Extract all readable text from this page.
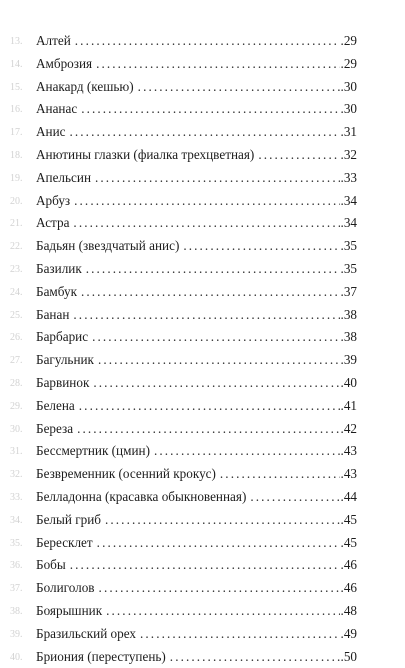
13.	Алтей . . .	.29
14.	Амброзия . . .	.29
15.	Анакард (кешью) . . .	.30
16.	Ананас . . .	.30
17.	Анис . . .	.31
18.	Анютины глазки (фиалка трехцветная) . . .	.32
19.	Апельсин . . .	.33
20.	Арбуз . . .	.34
21.	Астра . . .	.34
22.	Бадьян (звездчатый анис) . . .	.35
23.	Базилик . . .	.35
24.	Бамбук . . .	.37
25.	Банан . . .	.38
26.	Барбарис . . .	.38
27.	Багульник . . .	.39
28.	Барвинок . . .	.40
29.	Белена . . .	.41
30.	Береза . . .	.42
31.	Бессмертник (цмин) . . .	.43
32.	Безвременник (осенний крокус) . . .	.43
33.	Белладонна (красавка обыкновенная) . . .	.44
34.	Белый гриб . . .	.45
35.	Бересклет . . .	.45
36.	Бобы . . .	.46
37.	Болиголов . . .	.46
38.	Боярышник . . .	.48
39.	Бразильский орех . . .	.49
40.	Бриония (переступень) . . .	.50
